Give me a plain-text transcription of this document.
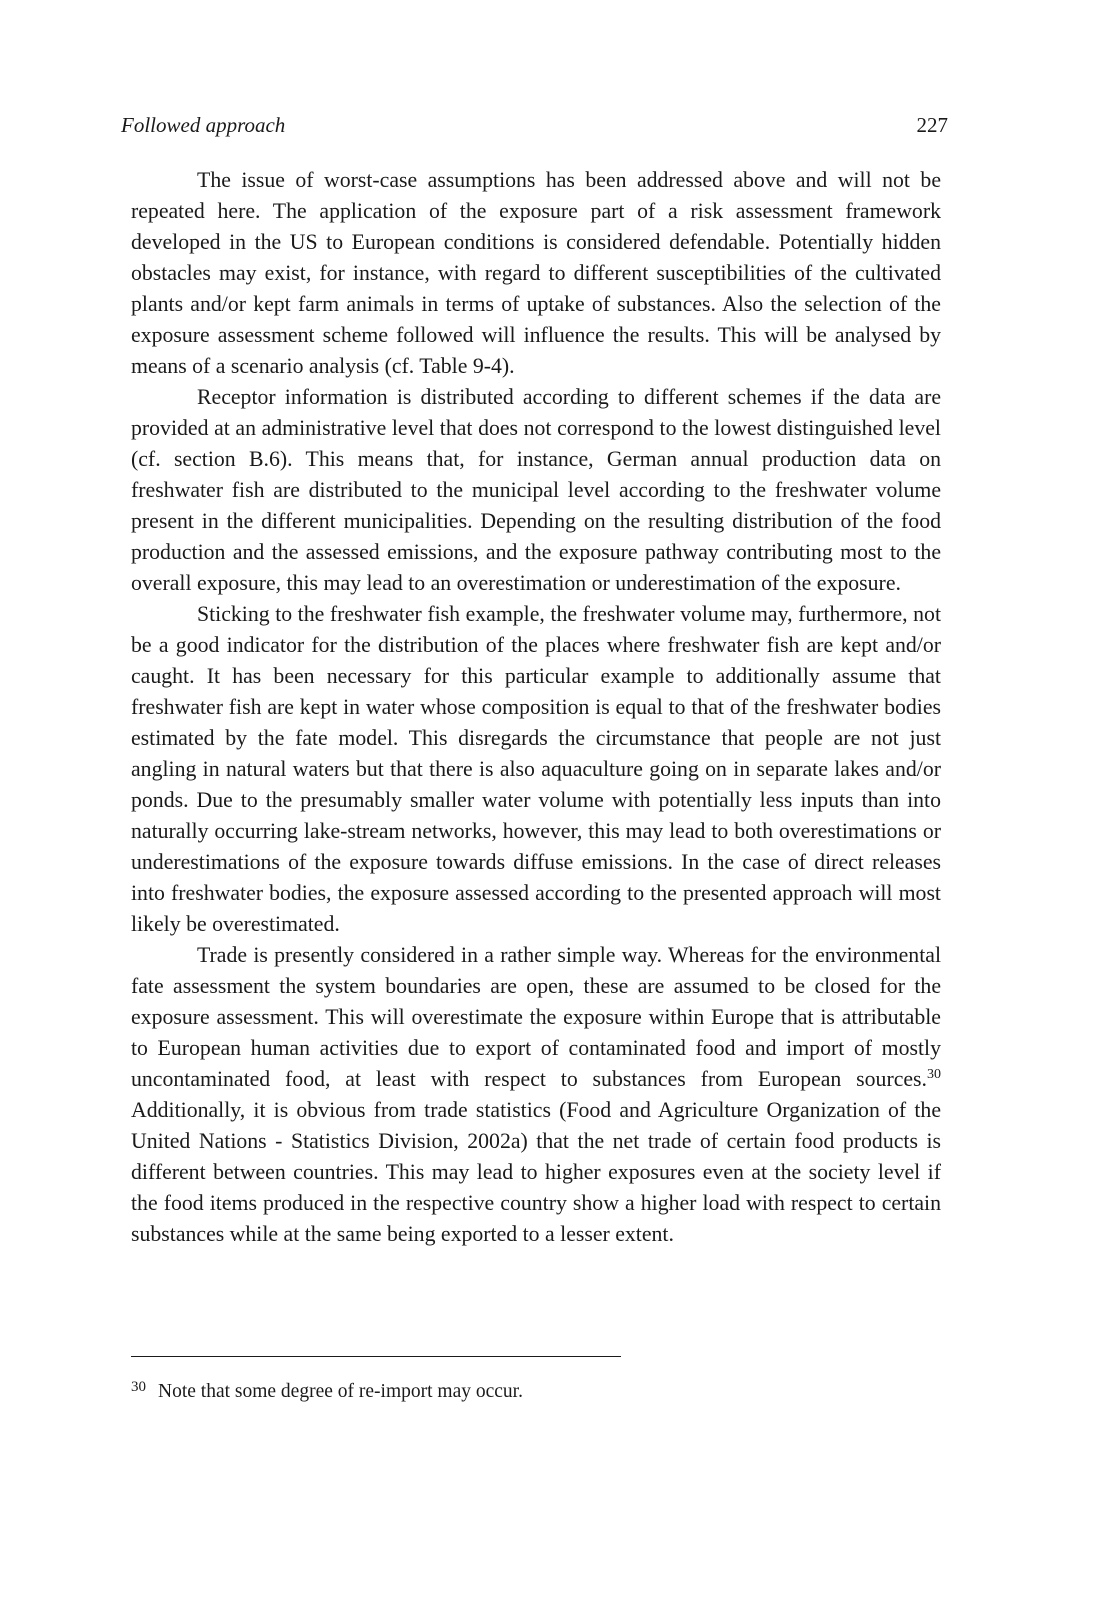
Followed approach	227

The issue of worst-case assumptions has been addressed above and will not be repeated here. The application of the exposure part of a risk assessment framework developed in the US to European conditions is considered defendable. Potentially hidden obstacles may exist, for instance, with regard to different susceptibilities of the cultivated plants and/or kept farm animals in terms of uptake of substances. Also the selection of the exposure assessment scheme followed will influence the results. This will be analysed by means of a scenario analysis (cf. Table 9-4).

Receptor information is distributed according to different schemes if the data are provided at an administrative level that does not correspond to the lowest distinguished level (cf. section B.6). This means that, for instance, German annual production data on freshwater fish are distributed to the municipal level according to the freshwater volume present in the different municipalities. Depending on the resulting distribution of the food production and the assessed emissions, and the exposure pathway contributing most to the overall exposure, this may lead to an overestimation or underestimation of the exposure.

Sticking to the freshwater fish example, the freshwater volume may, furthermore, not be a good indicator for the distribution of the places where freshwater fish are kept and/or caught. It has been necessary for this particular example to additionally assume that freshwater fish are kept in water whose composition is equal to that of the freshwater bodies estimated by the fate model. This disregards the circumstance that people are not just angling in natural waters but that there is also aquaculture going on in separate lakes and/or ponds. Due to the presumably smaller water volume with potentially less inputs than into naturally occurring lake-stream networks, however, this may lead to both overestimations or underestimations of the exposure towards diffuse emissions. In the case of direct releases into freshwater bodies, the exposure assessed according to the presented approach will most likely be overestimated.

Trade is presently considered in a rather simple way. Whereas for the environmental fate assessment the system boundaries are open, these are assumed to be closed for the exposure assessment. This will overestimate the exposure within Europe that is attributable to European human activities due to export of contaminated food and import of mostly uncontaminated food, at least with respect to substances from European sources.$^{30}$ Additionally, it is obvious from trade statistics (Food and Agriculture Organization of the United Nations - Statistics Division, 2002a) that the net trade of certain food products is different between countries. This may lead to higher exposures even at the society level if the food items produced in the respective country show a higher load with respect to certain substances while at the same being exported to a lesser extent.

$^{30}$ Note that some degree of re-import may occur.
